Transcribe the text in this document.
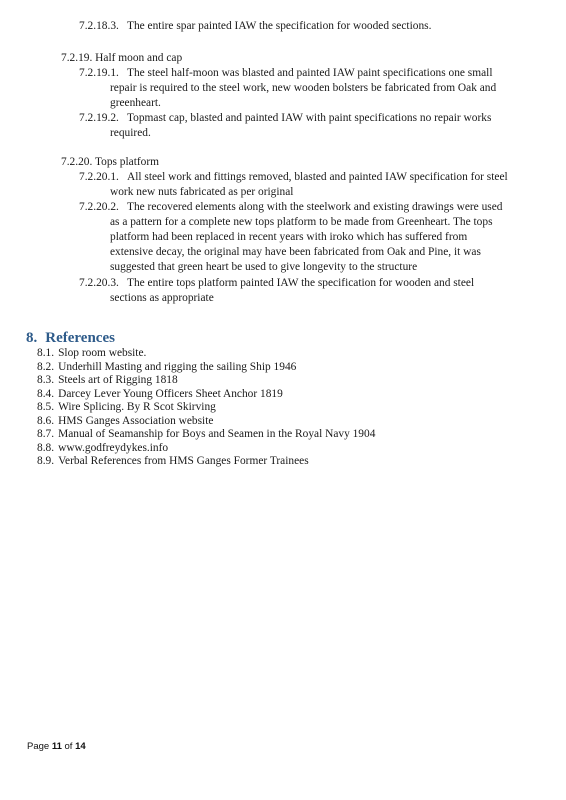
7.2.18.3. The entire spar painted IAW the specification for wooded sections.
7.2.19. Half moon and cap
7.2.19.1. The steel half-moon was blasted and painted IAW paint specifications one small
repair is required to the steel work, new wooden bolsters be fabricated from Oak and
greenheart.
7.2.19.2. Topmast cap, blasted and painted IAW with paint specifications no repair works
required.
7.2.20. Tops platform
7.2.20.1. All steel work and fittings removed, blasted and painted IAW specification for steel
work new nuts fabricated as per original
7.2.20.2. The recovered elements along with the steelwork and existing drawings were used
as a pattern for a complete new tops platform to be made from Greenheart. The tops
platform had been replaced in recent years with iroko which has suffered from
extensive decay, the original may have been fabricated from Oak and Pine, it was
suggested that green heart be used to give longevity to the structure
7.2.20.3. The entire tops platform painted IAW the specification for wooden and steel
sections as appropriate
8. References
8.1. Slop room website.
8.2. Underhill Masting and rigging the sailing Ship 1946
8.3. Steels art of Rigging 1818
8.4. Darcey Lever Young Officers Sheet Anchor 1819
8.5. Wire Splicing. By R Scot Skirving
8.6. HMS Ganges Association website
8.7. Manual of Seamanship for Boys and Seamen in the Royal Navy 1904
8.8. www.godfreydykes.info
8.9. Verbal References from HMS Ganges Former Trainees
Page 11 of 14
